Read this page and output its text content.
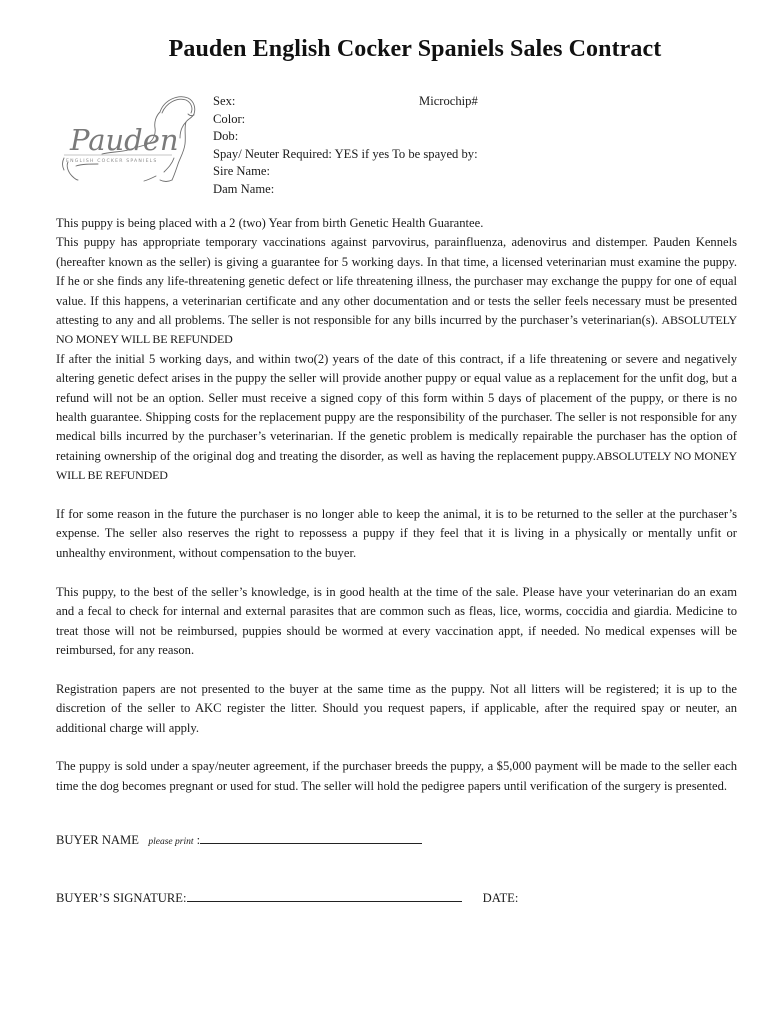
Pauden English Cocker Spaniels Sales Contract
Pauden
ENGLISH COCKER SPANIELS
Sex:	Microchip#
Color:
Dob:
Spay/ Neuter Required: YES if yes To be spayed by:
Sire Name:
Dam Name:

This puppy is being placed with a 2 (two) Year from birth Genetic Health Guarantee.

This puppy has appropriate temporary vaccinations against parvovirus, parainfluenza, adenovirus and distemper. Pauden Kennels (hereafter known as the seller) is giving a guarantee for 5 working days. In that time, a licensed veterinarian must examine the puppy. If he or she finds any life-threatening genetic defect or life threatening illness, the purchaser may exchange the puppy for one of equal value. If this happens, a veterinarian certificate and any other documentation and or tests the seller feels necessary must be presented attesting to any and all problems. The seller is not responsible for any bills incurred by the purchaser’s veterinarian(s). ABSOLUTELY NO MONEY WILL BE REFUNDED

If after the initial 5 working days, and within two(2) years of the date of this contract, if a life threatening or severe and negatively altering genetic defect arises in the puppy the seller will provide another puppy or equal value as a replacement for the unfit dog, but a refund will not be an option. Seller must receive a signed copy of this form within 5 days of placement of the puppy, or there is no health guarantee. Shipping costs for the replacement puppy are the responsibility of the purchaser. The seller is not responsible for any medical bills incurred by the purchaser’s veterinarian. If the genetic problem is medically repairable the purchaser has the option of retaining ownership of the original dog and treating the disorder, as well as having the replacement puppy.ABSOLUTELY NO MONEY WILL BE REFUNDED

If for some reason in the future the purchaser is no longer able to keep the animal, it is to be returned to the seller at the purchaser’s expense. The seller also reserves the right to repossess a puppy if they feel that it is living in a physically or mentally unfit or unhealthy environment, without compensation to the buyer.

This puppy, to the best of the seller’s knowledge, is in good health at the time of the sale. Please have your veterinarian do an exam and a fecal to check for internal and external parasites that are common such as fleas, lice, worms, coccidia and giardia. Medicine to treat those will not be reimbursed, puppies should be wormed at every vaccination appt, if needed. No medical expenses will be reimbursed, for any reason.

Registration papers are not presented to the buyer at the same time as the puppy. Not all litters will be registered; it is up to the discretion of the seller to AKC register the litter. Should you request papers, if applicable, after the required spay or neuter, an additional charge will apply.

The puppy is sold under a spay/neuter agreement, if the purchaser breeds the puppy, a $5,000 payment will be made to the seller each time the dog becomes pregnant or used for stud. The seller will hold the pedigree papers until verification of the surgery is presented.

BUYER NAME please print :
BUYER’S SIGNATURE:	DATE:
